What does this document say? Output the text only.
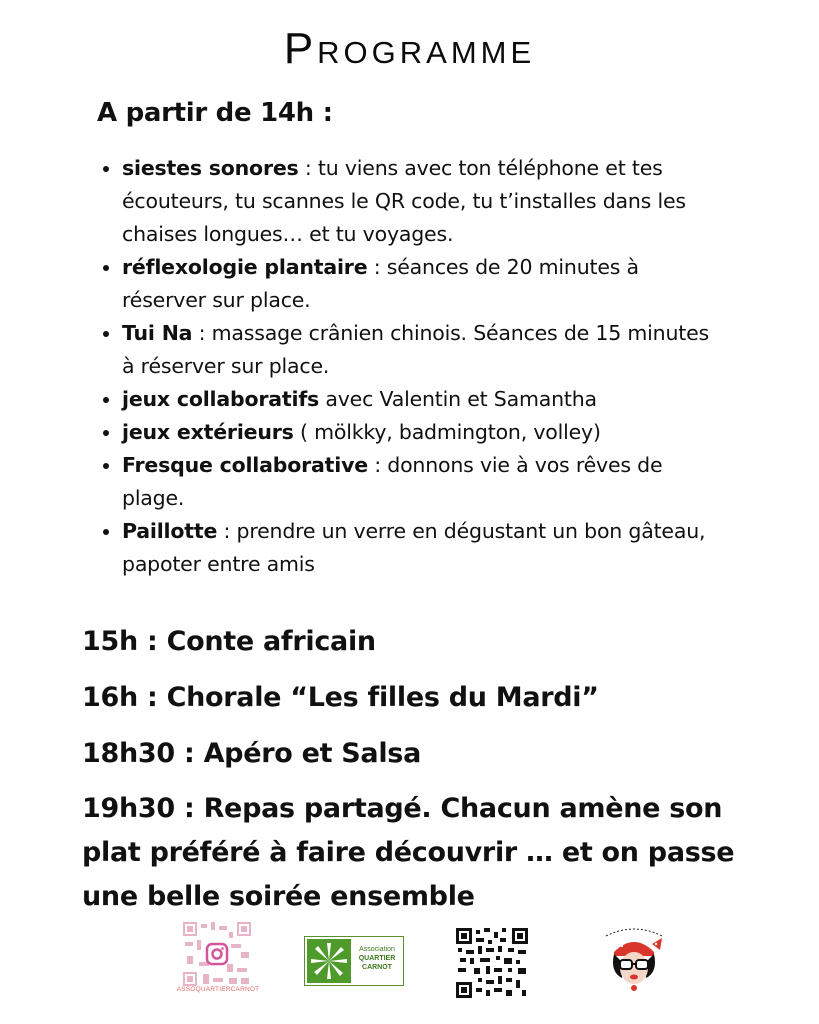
Programme
A partir de 14h :
• siestes sonores : tu viens avec ton téléphone et tes écouteurs, tu scannes le QR code, tu t’installes dans les chaises longues… et tu voyages.
• réflexologie plantaire : séances de 20 minutes à réserver sur place.
• Tui Na : massage crânien chinois. Séances de 15 minutes à réserver sur place.
• jeux collaboratifs avec Valentin et Samantha
• jeux extérieurs ( mölkky, badmington, volley)
• Fresque collaborative : donnons vie à vos rêves de plage.
• Paillotte : prendre un verre en dégustant un bon gâteau, papoter entre amis

15h : Conte africain

16h : Chorale “Les filles du Mardi”

18h30 : Apéro et Salsa

19h30 : Repas partagé. Chacun amène son plat préféré à faire découvrir … et on passe une belle soirée ensemble

ASSOQUARTIERCARNOT
Association
QUARTIER
CARNOT
